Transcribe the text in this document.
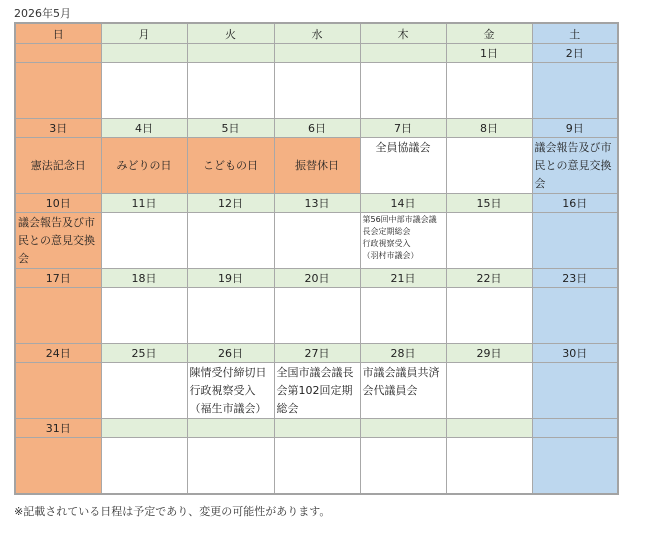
2026年5月
日	月	火	水	木	金	土
					1日	2日

3日	4日	5日	6日	7日	8日	9日

憲法記念日	みどりの日	こどもの日	振替休日	全員協議会		議会報告及び市民との意見交換会

10日	11日	12日	13日	14日	15日	16日

議会報告及び市民との意見交換会				第56回中部市議会議長会定期総会
行政視察受入
（羽村市議会）		

17日	18日	19日	20日	21日	22日	23日

24日	25日	26日	27日	28日	29日	30日

		陳情受付締切日
行政視察受入
（福生市議会）	全国市議会議長会第102回定期総会	市議会議員共済会代議員会		

31日						

※記載されている日程は予定であり、変更の可能性があります。
